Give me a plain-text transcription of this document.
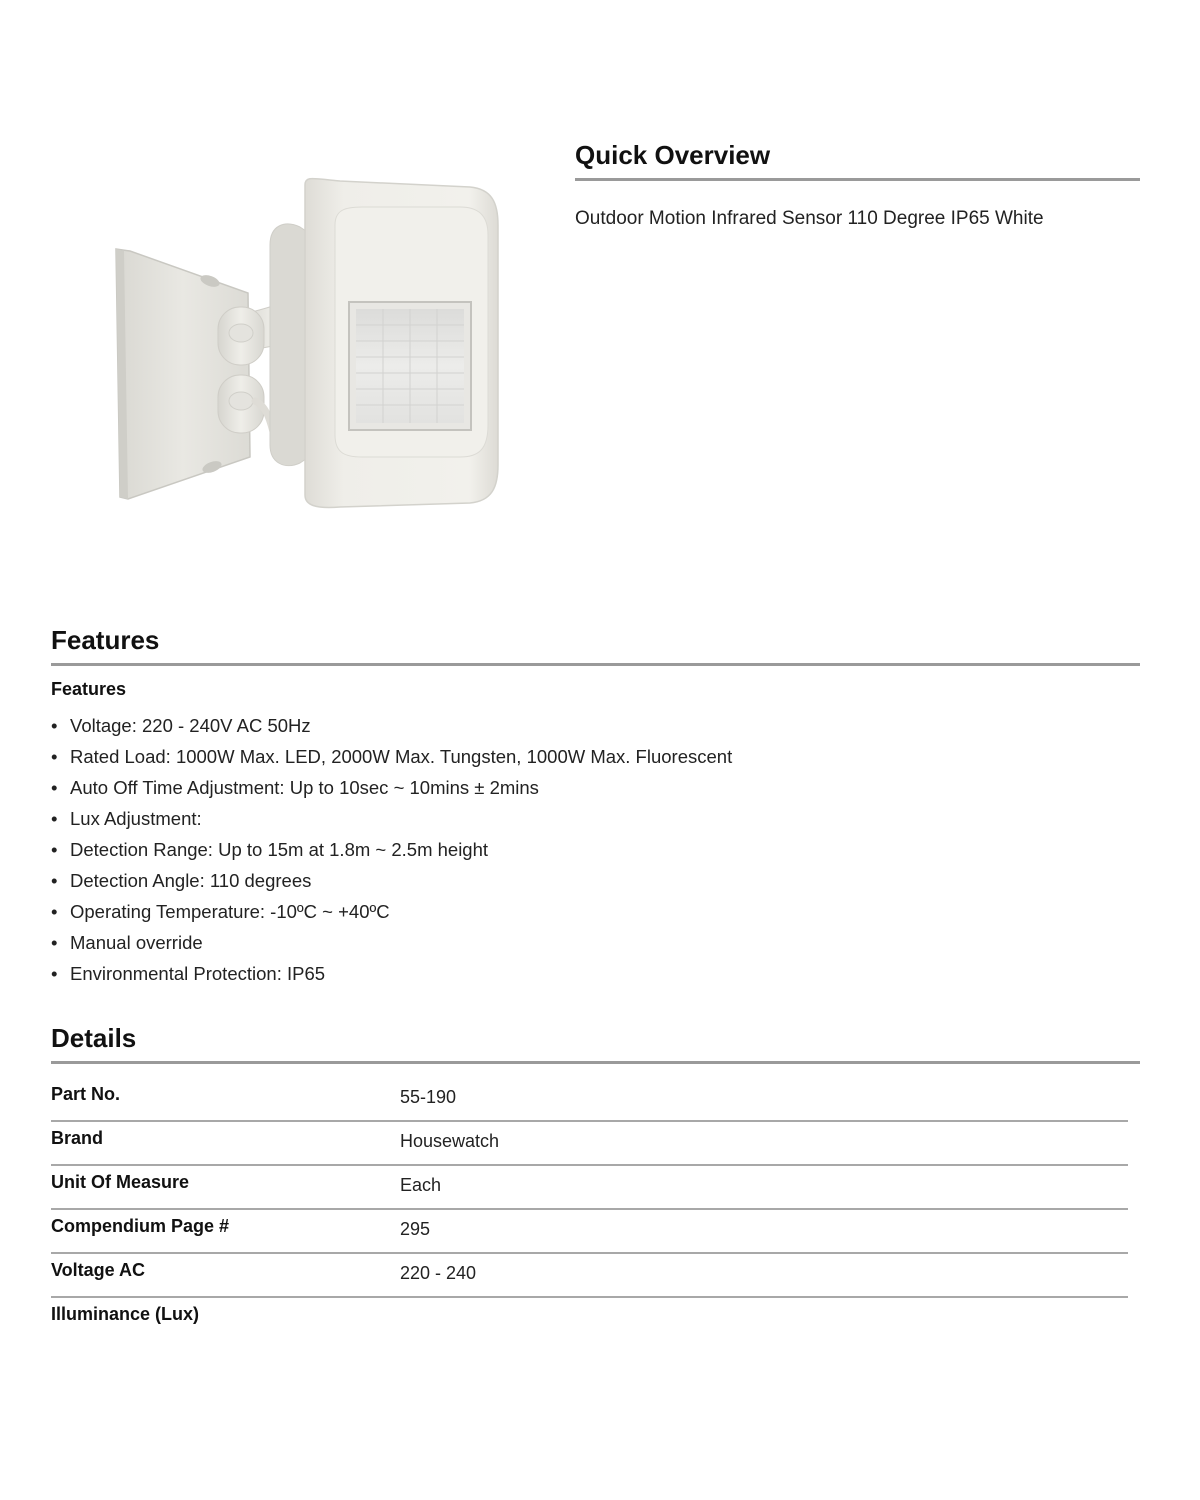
Quick Overview
Outdoor Motion Infrared Sensor 110 Degree IP65 White
Features
Features
• Voltage: 220 - 240V AC 50Hz
• Rated Load: 1000W Max. LED, 2000W Max. Tungsten, 1000W Max. Fluorescent
• Auto Off Time Adjustment: Up to 10sec ~ 10mins ± 2mins
• Lux Adjustment:
• Detection Range: Up to 15m at 1.8m ~ 2.5m height
• Detection Angle: 110 degrees
• Operating Temperature: -10ºC ~ +40ºC
• Manual override
• Environmental Protection: IP65
Details
Part No.	55-190
Brand	Housewatch
Unit Of Measure	Each
Compendium Page #	295
Voltage AC	220 - 240
Illuminance (Lux)
